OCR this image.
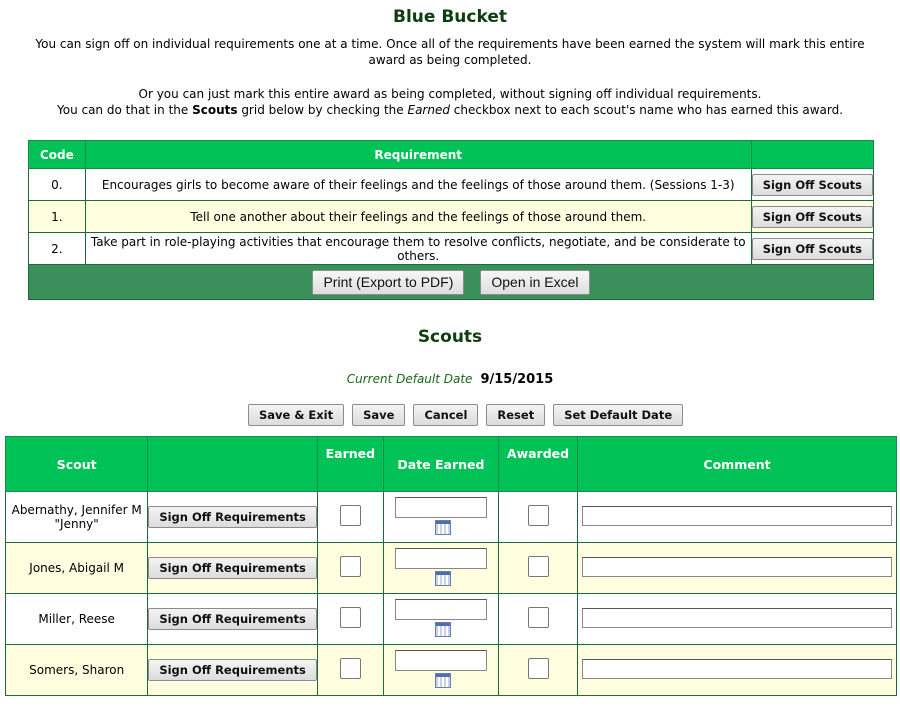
Blue Bucket
You can sign off on individual requirements one at a time. Once all of the requirements have been earned the system will mark this entire
award as being completed.
Or you can just mark this entire award as being completed, without signing off individual requirements.
You can do that in the Scouts grid below by checking the Earned checkbox next to each scout's name who has earned this award.
Code	Requirement	
0.	Encourages girls to become aware of their feelings and the feelings of those around them. (Sessions 1-3)	Sign Off Scouts
1.	Tell one another about their feelings and the feelings of those around them.	Sign Off Scouts
2.	Take part in role-playing activities that encourage them to resolve conflicts, negotiate, and be considerate to others.	Sign Off Scouts
Print (Export to PDF) Open in Excel		
Scouts
Current Default Date 9/15/2015
Save & Exit	Save	Cancel	Reset	Set Default Date
Scout		Earned	Date Earned	Awarded	Comment

Abernathy, Jennifer M
"Jenny"	Sign Off Requirements		

Jones, Abigail M	Sign Off Requirements		

Miller, Reese	Sign Off Requirements		

Somers, Sharon	Sign Off Requirements		
